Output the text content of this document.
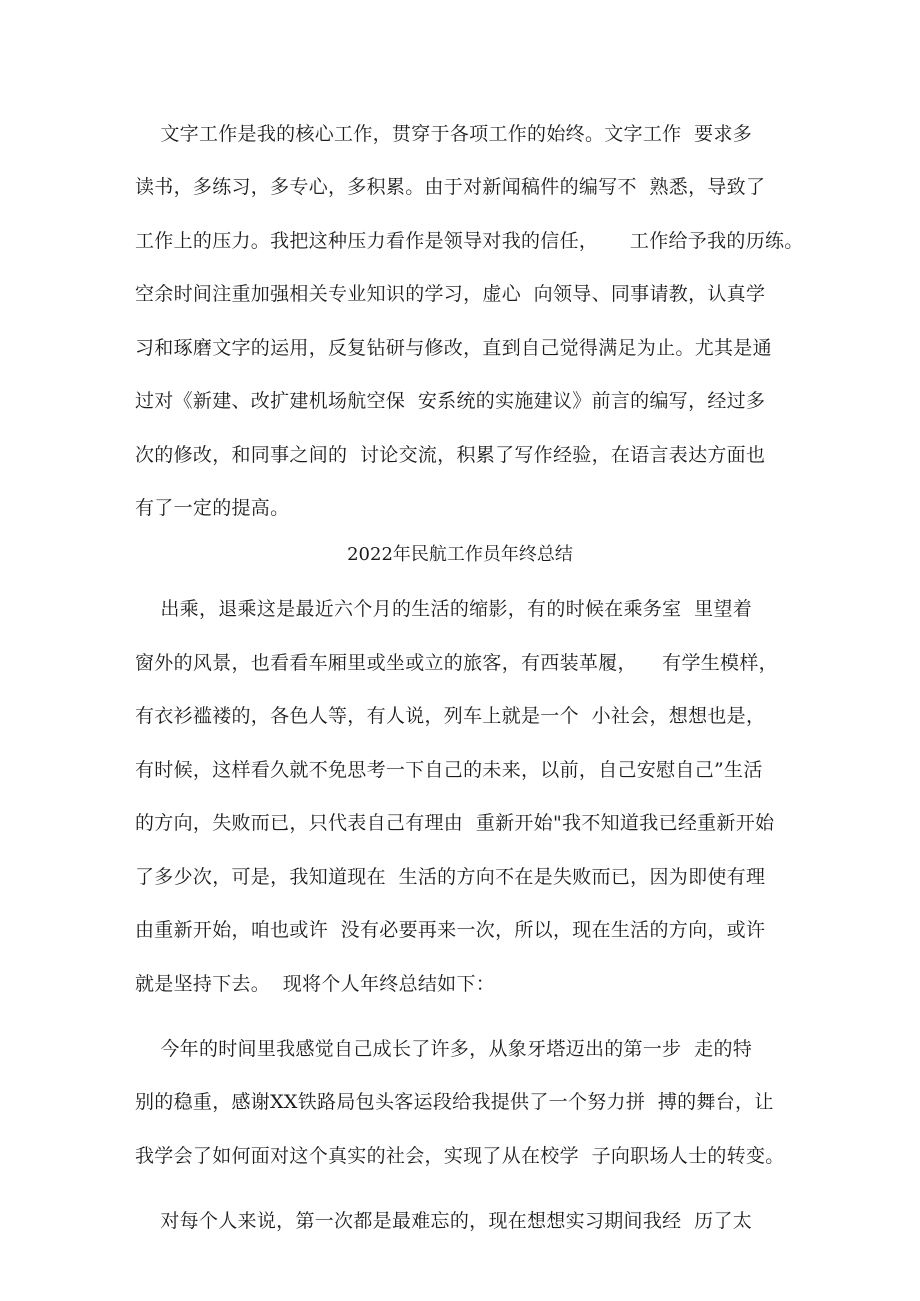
文字工作是我的核心工作，贯穿于各项工作的始终。文字工作  要求多
读书，多练习，多专心，多积累。由于对新闻稿件的编写不  熟悉，导致了
工作上的压力。我把这种压力看作是领导对我的信任，     工作给予我的历练。
空余时间注重加强相关专业知识的学习，虚心  向领导、同事请教，认真学
习和琢磨文字的运用，反复钻研与修改，直到自己觉得满足为止。尤其是通
过对《新建、改扩建机场航空保  安系统的实施建议》前言的编写，经过多
次的修改，和同事之间的  讨论交流，积累了写作经验，在语言表达方面也
有了一定的提高。
2022年民航工作员年终总结
出乘，退乘这是最近六个月的生活的缩影，有的时候在乘务室  里望着
窗外的风景，也看看车厢里或坐或立的旅客，有西装革履，    有学生模样，
有衣衫褴褛的，各色人等，有人说，列车上就是一个  小社会，想想也是，
有时候，这样看久就不免思考一下自己的未来，以前，自己安慰自己”生活
的方向，失败而已，只代表自己有理由  重新开始"我不知道我已经重新开始
了多少次，可是，我知道现在  生活的方向不在是失败而已，因为即使有理
由重新开始，咱也或许  没有必要再来一次，所以，现在生活的方向，或许
就是坚持下去。  现将个人年终总结如下：
今年的时间里我感觉自己成长了许多，从象牙塔迈出的第一步  走的特
别的稳重，感谢XX铁路局包头客运段给我提供了一个努力拼  搏的舞台，让
我学会了如何面对这个真实的社会，实现了从在校学  子向职场人士的转变。
对每个人来说，第一次都是最难忘的，现在想想实习期间我经  历了太
